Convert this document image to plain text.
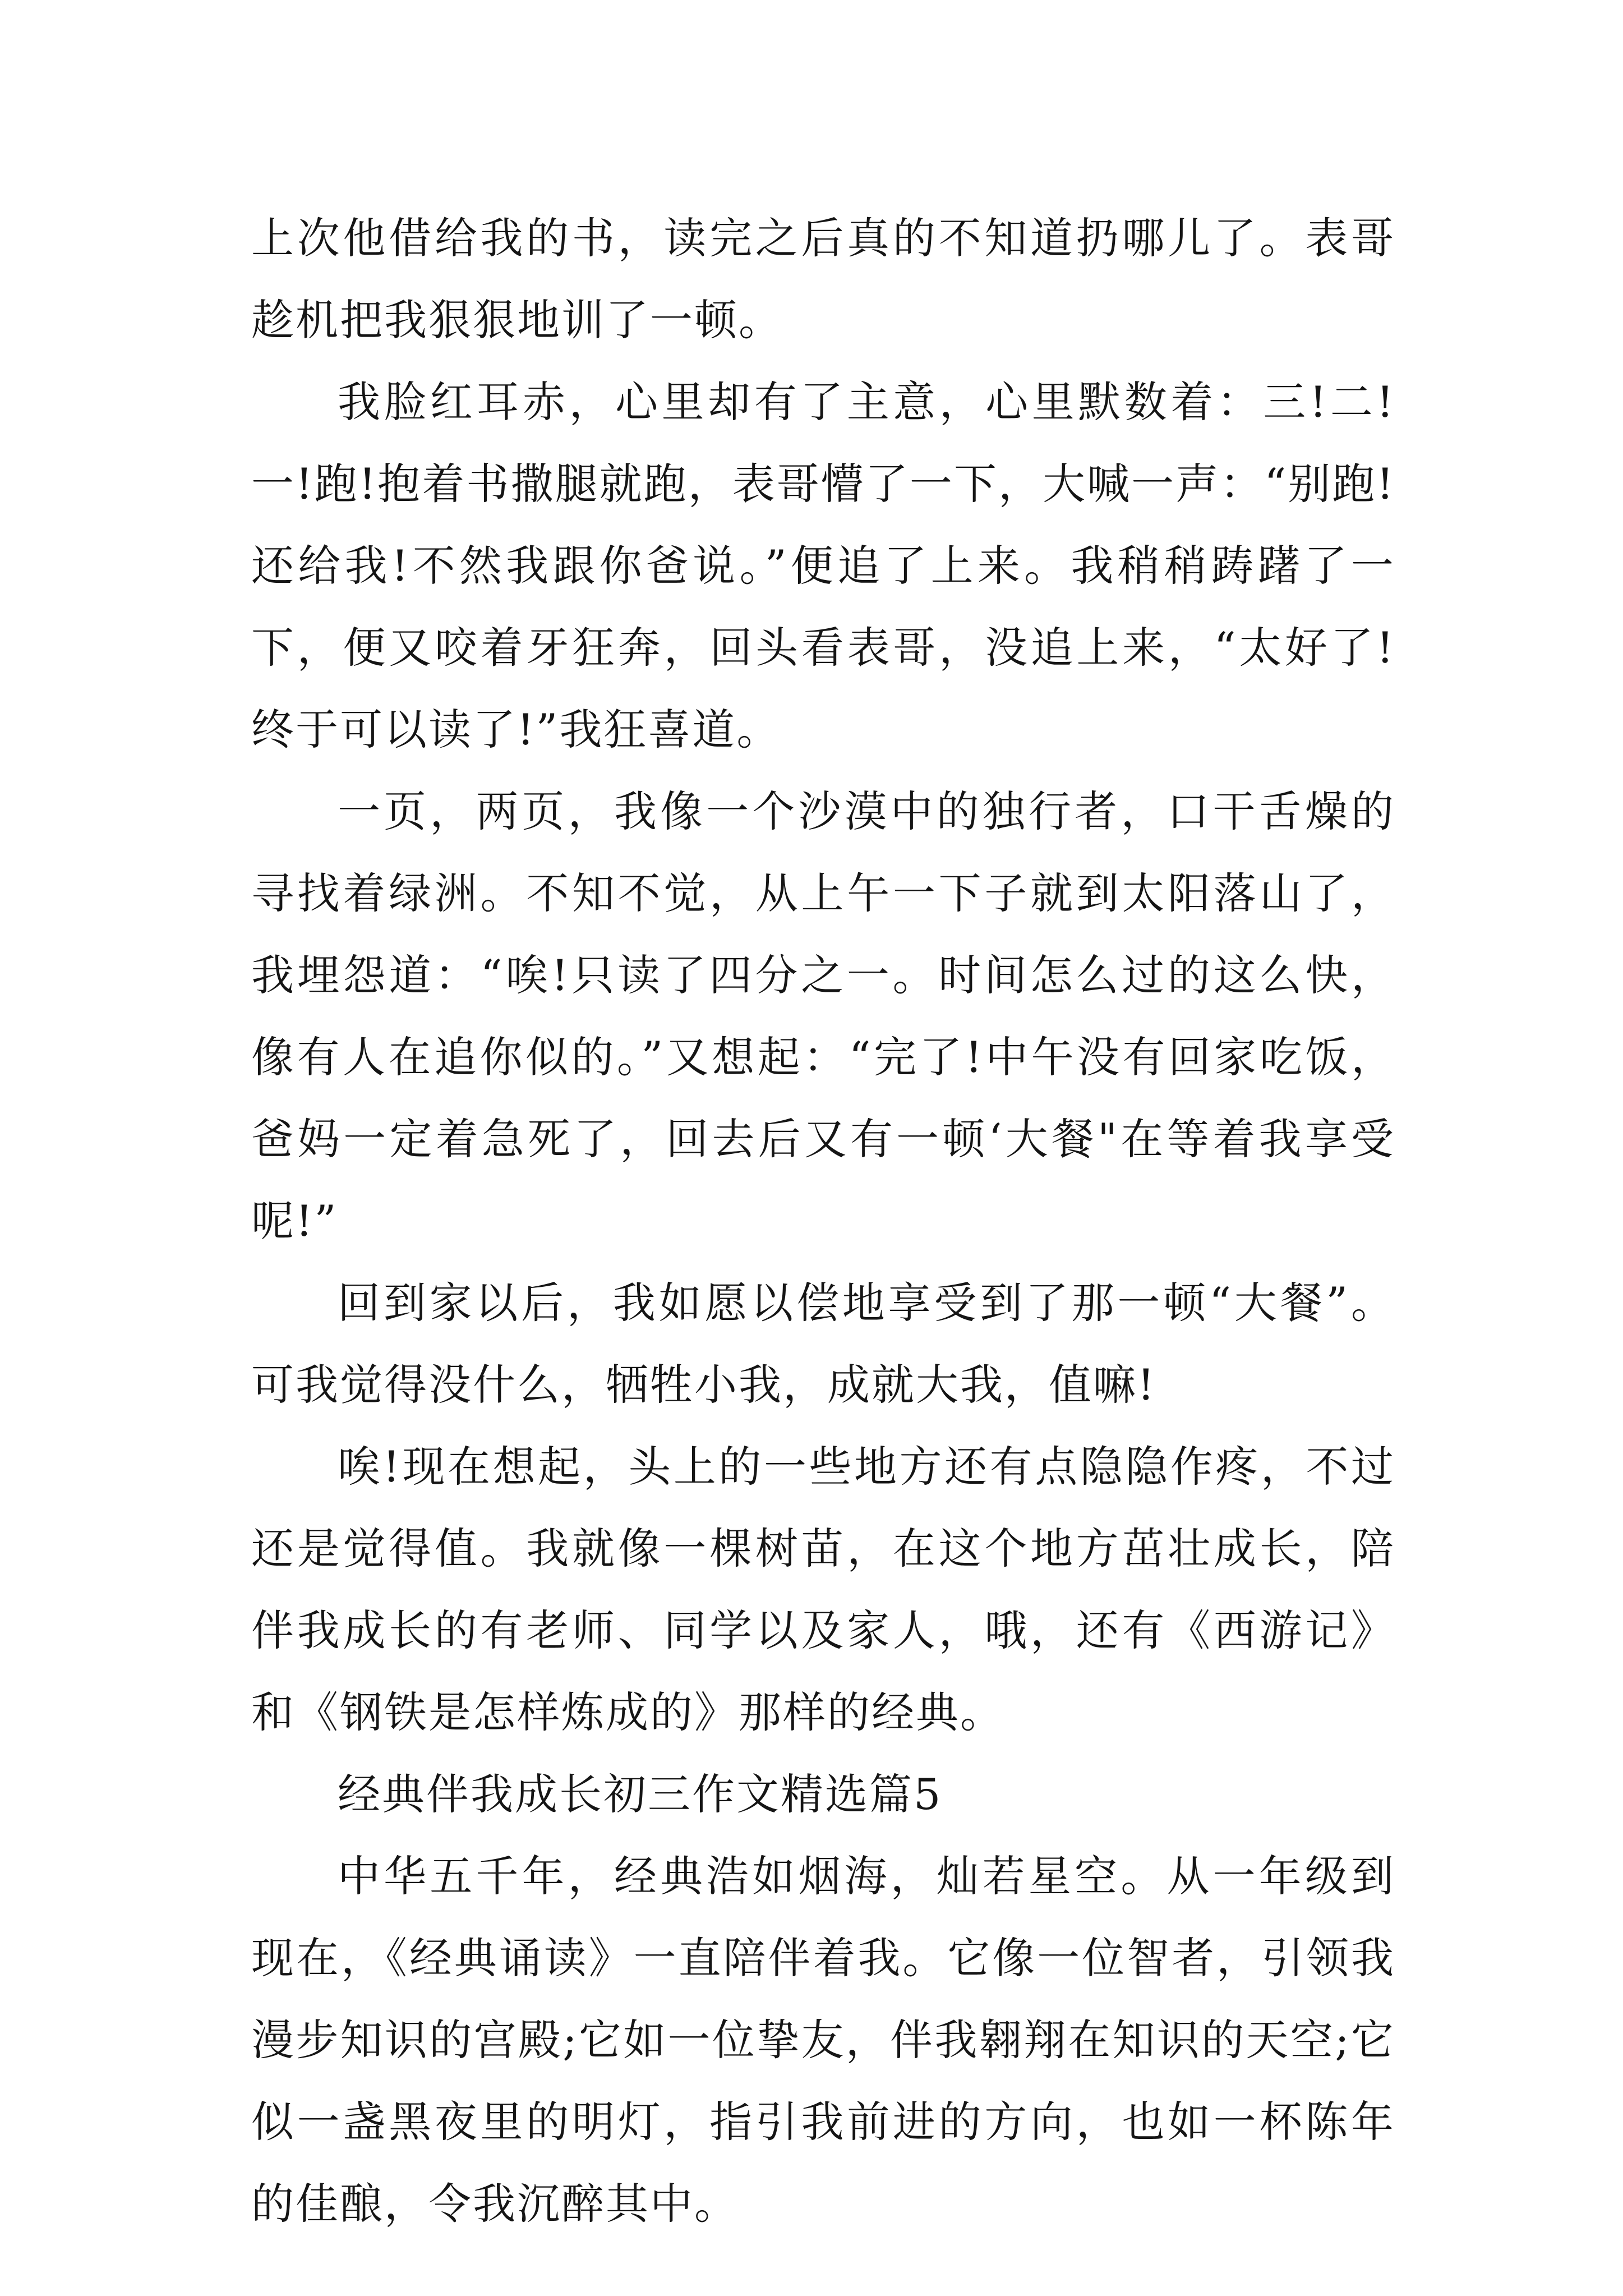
上次他借给我的书，读完之后真的不知道扔哪儿了。表哥趁机把我狠狠地训了一顿。

我脸红耳赤，心里却有了主意，心里默数着：三!二!一!跑!抱着书撒腿就跑，表哥懵了一下，大喊一声：“别跑!还给我!不然我跟你爸说。”便追了上来。我稍稍踌躇了一下，便又咬着牙狂奔，回头看表哥，没追上来，“太好了!终于可以读了!”我狂喜道。

一页，两页，我像一个沙漠中的独行者，口干舌燥的寻找着绿洲。不知不觉，从上午一下子就到太阳落山了，我埋怨道：“唉!只读了四分之一。时间怎么过的这么快，像有人在追你似的。”又想起：“完了!中午没有回家吃饭，爸妈一定着急死了，回去后又有一顿‘大餐"在等着我享受呢!”

回到家以后，我如愿以偿地享受到了那一顿“大餐”。可我觉得没什么，牺牲小我，成就大我，值嘛!

唉!现在想起，头上的一些地方还有点隐隐作疼，不过还是觉得值。我就像一棵树苗，在这个地方茁壮成长，陪伴我成长的有老师、同学以及家人，哦，还有《西游记》和《钢铁是怎样炼成的》那样的经典。

经典伴我成长初三作文精选篇5

中华五千年，经典浩如烟海，灿若星空。从一年级到现在，《经典诵读》一直陪伴着我。它像一位智者，引领我漫步知识的宫殿;它如一位挚友，伴我翱翔在知识的天空;它似一盏黑夜里的明灯，指引我前进的方向，也如一杯陈年的佳酿，令我沉醉其中。
